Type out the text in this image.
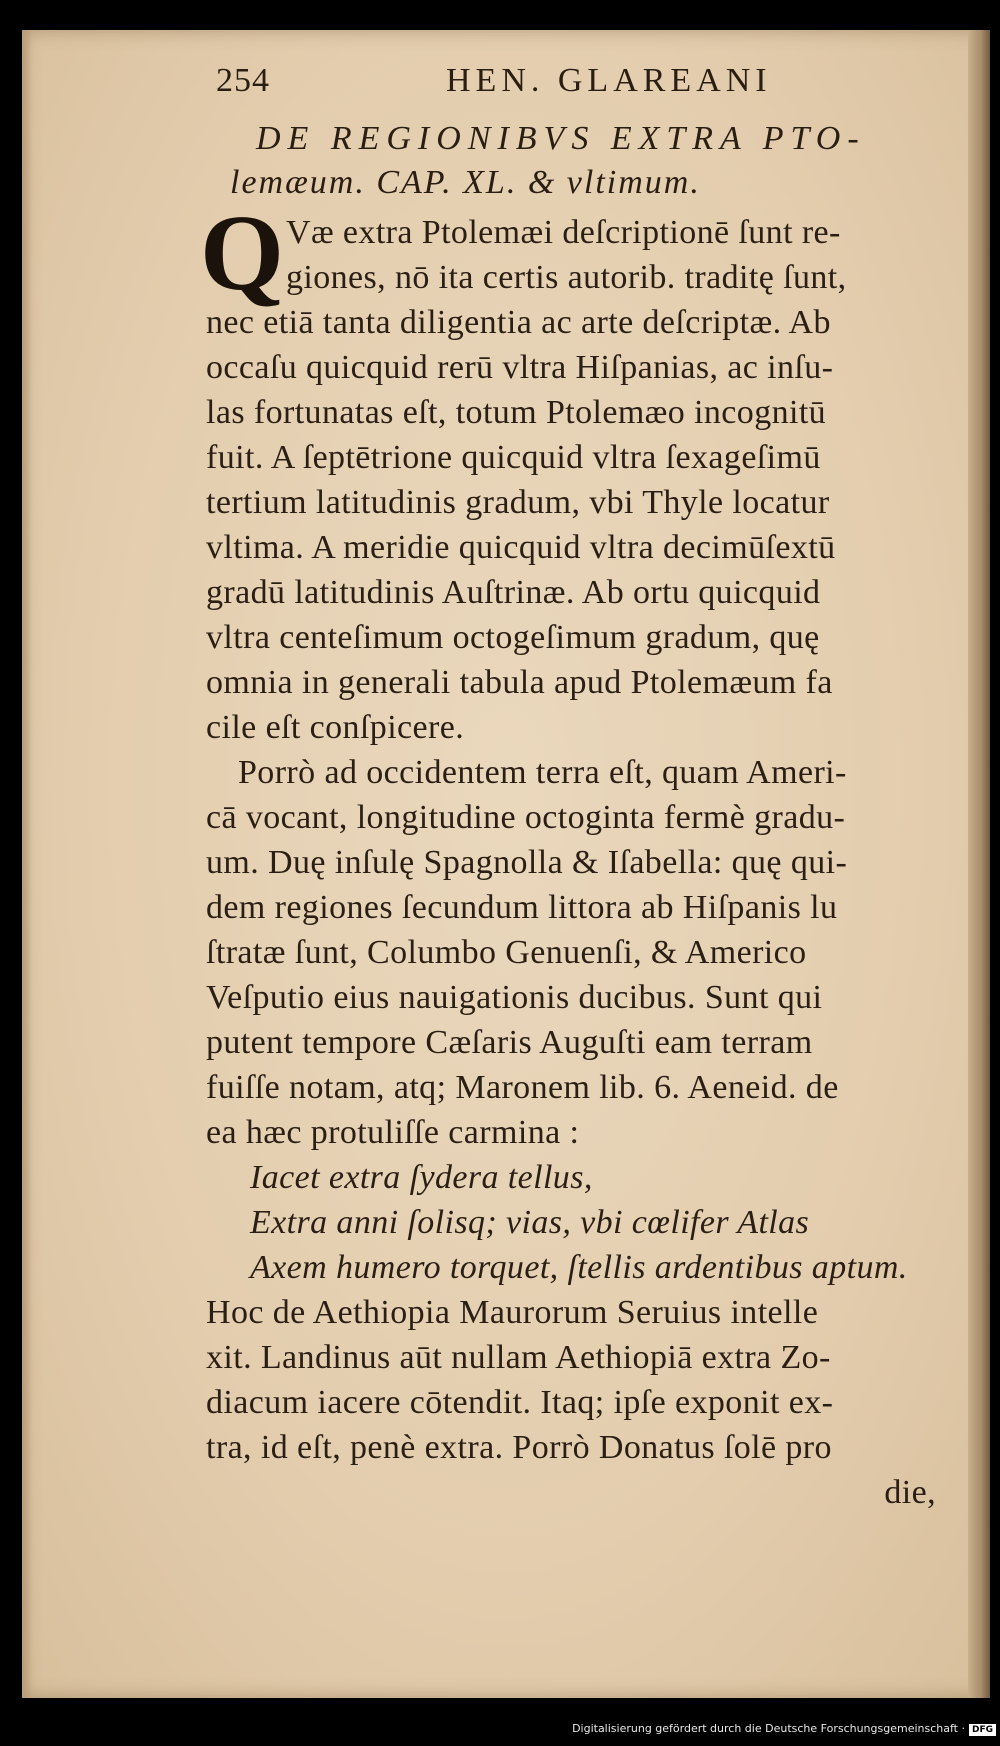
254	HEN. GLAREANI
DE REGIONIBVS EXTRA PTO-
lemæum. CAP. XL. & vltimum.
Q Væ extra Ptolemæi deſcriptionē ſunt re-
giones, nō ita certis autorib. traditę ſunt,
nec etiā tanta diligentia ac arte deſcriptæ. Ab
occaſu quicquid rerū vltra Hiſpanias, ac inſu-
las fortunatas eſt, totum Ptolemæo incognitū
fuit. A ſeptētrione quicquid vltra ſexageſimū
tertium latitudinis gradum, vbi Thyle locatur
vltima. A meridie quicquid vltra decimūſextū
gradū latitudinis Auſtrinæ. Ab ortu quicquid
vltra centeſimum octogeſimum gradum, quę
omnia in generali tabula apud Ptolemæum fa
cile eſt conſpicere.
Porrò ad occidentem terra eſt, quam Ameri-
cā vocant, longitudine octoginta fermè gradu-
um. Duę inſulę Spagnolla & Iſabella: quę qui-
dem regiones ſecundum littora ab Hiſpanis lu
ſtratæ ſunt, Columbo Genuenſi, & Americo
Veſputio eius nauigationis ducibus. Sunt qui
putent tempore Cæſaris Auguſti eam terram
fuiſſe notam, atq; Maronem lib. 6. Aeneid. de
ea hæc protuliſſe carmina :
Iacet extra ſydera tellus,
Extra anni ſolisq; vias, vbi cœlifer Atlas
Axem humero torquet, ſtellis ardentibus aptum.
Hoc de Aethiopia Maurorum Seruius intelle
xit. Landinus aūt nullam Aethiopiā extra Zo-
diacum iacere cōtendit. Itaq; ipſe exponit ex-
tra, id eſt, penè extra. Porrò Donatus ſolē pro
die,
Digitalisierung gefördert durch die Deutsche Forschungsgemeinschaft · DFG
